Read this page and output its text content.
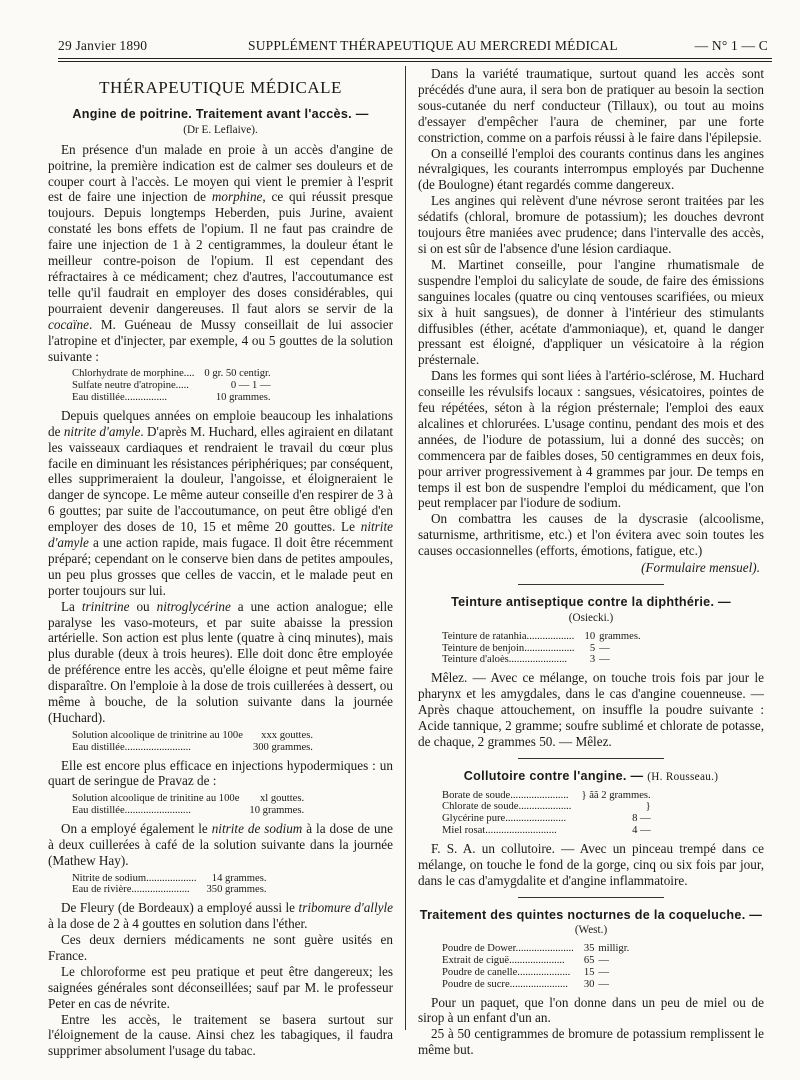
29 Janvier 1890	SUPPLÉMENT THÉRAPEUTIQUE AU MERCREDI MÉDICAL	— N° 1 — C
THÉRAPEUTIQUE MÉDICALE
Angine de poitrine. Traitement avant l'accès. —
(Dr E. Leflaive).

En présence d'un malade en proie à un accès d'angine de poitrine, la première indication est de calmer ses douleurs et de couper court à l'accès. Le moyen qui vient le premier à l'esprit est de faire une injection de morphine, ce qui réussit presque toujours. Depuis longtemps Heberden, puis Jurine, avaient constaté les bons effets de l'opium. Il ne faut pas craindre de faire une injection de 1 à 2 centigrammes, la douleur étant le meilleur contre-poison de l'opium. Il est cependant des réfractaires à ce médicament; chez d'autres, l'accoutumance est telle qu'il faudrait en employer des doses considérables, qui pourraient devenir dangereuses. Il faut alors se servir de la cocaïne. M. Guéneau de Mussy conseillait de lui associer l'atropine et d'injecter, par exemple, 4 ou 5 gouttes de la solution suivante :

Chlorhydrate de morphine....	0 gr. 50 centigr.
Sulfate neutre d'atropine.....	0 — 1 —
Eau distillée................	10 grammes.

Depuis quelques années on emploie beaucoup les inhalations de nitrite d'amyle. D'après M. Huchard, elles agiraient en dilatant les vaisseaux cardiaques et rendraient le travail du cœur plus facile en diminuant les résistances périphériques; par conséquent, elles supprimeraient la douleur, l'angoisse, et éloigneraient le danger de syncope. Le même auteur conseille d'en respirer de 3 à 6 gouttes; par suite de l'accoutumance, on peut être obligé d'en employer des doses de 10, 15 et même 20 gouttes. Le nitrite d'amyle a une action rapide, mais fugace. Il doit être récemment préparé; cependant on le conserve bien dans de petites ampoules, un peu plus grosses que celles de vaccin, et le malade peut en porter toujours sur lui.

La trinitrine ou nitroglycérine a une action analogue; elle paralyse les vaso-moteurs, et par suite abaisse la pression artérielle. Son action est plus lente (quatre à cinq minutes), mais plus durable (deux à trois heures). Elle doit donc être employée de préférence entre les accès, qu'elle éloigne et peut même faire disparaître. On l'emploie à la dose de trois cuillerées à dessert, ou même à bouche, de la solution suivante dans la journée (Huchard).

Solution alcoolique de trinitrine au 100e	xxx gouttes.
Eau distillée.........................	300 grammes.

Elle est encore plus efficace en injections hypodermiques : un quart de seringue de Pravaz de :

Solution alcoolique de trinitine au 100e	xl gouttes.
Eau distillée.........................	10 grammes.

On a employé également le nitrite de sodium à la dose de une à deux cuillerées à café de la solution suivante dans la journée (Mathew Hay).

Nitrite de sodium...................	14 grammes.
Eau de rivière......................	350 grammes.

De Fleury (de Bordeaux) a employé aussi le tribomure d'allyle à la dose de 2 à 4 gouttes en solution dans l'éther.

Ces deux derniers médicaments ne sont guère usités en France.

Le chloroforme est peu pratique et peut être dangereux; les saignées générales sont déconseillées; sauf par M. le professeur Peter en cas de névrite.

Entre les accès, le traitement se basera surtout sur l'éloignement de la cause. Ainsi chez les tabagiques, il faudra supprimer absolument l'usage du tabac.

Dans la variété traumatique, surtout quand les accès sont précédés d'une aura, il sera bon de pratiquer au besoin la section sous-cutanée du nerf conducteur (Tillaux), ou tout au moins d'essayer d'empêcher l'aura de cheminer, par une forte constriction, comme on a parfois réussi à le faire dans l'épilepsie.

On a conseillé l'emploi des courants continus dans les angines névralgiques, les courants interrompus employés par Duchenne (de Boulogne) étant regardés comme dangereux.

Les angines qui relèvent d'une névrose seront traitées par les sédatifs (chloral, bromure de potassium); les douches devront toujours être maniées avec prudence; dans l'intervalle des accès, si on est sûr de l'absence d'une lésion cardiaque.

M. Martinet conseille, pour l'angine rhumatismale de suspendre l'emploi du salicylate de soude, de faire des émissions sanguines locales (quatre ou cinq ventouses scarifiées, ou mieux six à huit sangsues), de donner à l'intérieur des stimulants diffusibles (éther, acétate d'ammoniaque), et, quand le danger pressant est éloigné, d'appliquer un vésicatoire à la région présternale.

Dans les formes qui sont liées à l'artério-sclérose, M. Huchard conseille les révulsifs locaux : sangsues, vésicatoires, pointes de feu répétées, séton à la région présternale; l'emploi des eaux alcalines et chlorurées. L'usage continu, pendant des mois et des années, de l'iodure de potassium, lui a donné des succès; on commencera par de faibles doses, 50 centigrammes en deux fois, pour arriver progressivement à 4 grammes par jour. De temps en temps il est bon de suspendre l'emploi du médicament, que l'on peut remplacer par l'iodure de sodium.

On combattra les causes de la dyscrasie (alcoolisme, saturnisme, arthritisme, etc.) et l'on évitera avec soin toutes les causes occasionnelles (efforts, émotions, fatigue, etc.)

(Formulaire mensuel).
Teinture antiseptique contre la diphthérie. —
(Osiecki.)
Teinture de ratanhia..................	10	grammes.
Teinture de benjoin...................	5	—
Teinture d'aloès......................	3	—

Mêlez. — Avec ce mélange, on touche trois fois par jour le pharynx et les amygdales, dans le cas d'angine couenneuse. — Après chaque attouchement, on insuffle la poudre suivante : Acide tannique, 2 gramme; soufre sublimé et chlorate de potasse, de chaque, 2 grammes 50. — Mêlez.

Collutoire contre l'angine. — (H. Rousseau.)
Borate de soude......................	} ãã 2 grammes.
Chlorate de soude....................	}
Glycérine pure.......................	8 —
Miel rosat...........................	4 —

F. S. A. un collutoire. — Avec un pinceau trempé dans ce mélange, on touche le fond de la gorge, cinq ou six fois par jour, dans le cas d'amygdalite et d'angine inflammatoire.

Traitement des quintes nocturnes de la coqueluche. —
(West.)
Poudre de Dower......................	35	milligr.
Extrait de ciguë.....................	65	—
Poudre de canelle....................	15	—
Poudre de sucre......................	30	—

Pour un paquet, que l'on donne dans un peu de miel ou de sirop à un enfant d'un an.

25 à 50 centigrammes de bromure de potassium remplissent le même but.
